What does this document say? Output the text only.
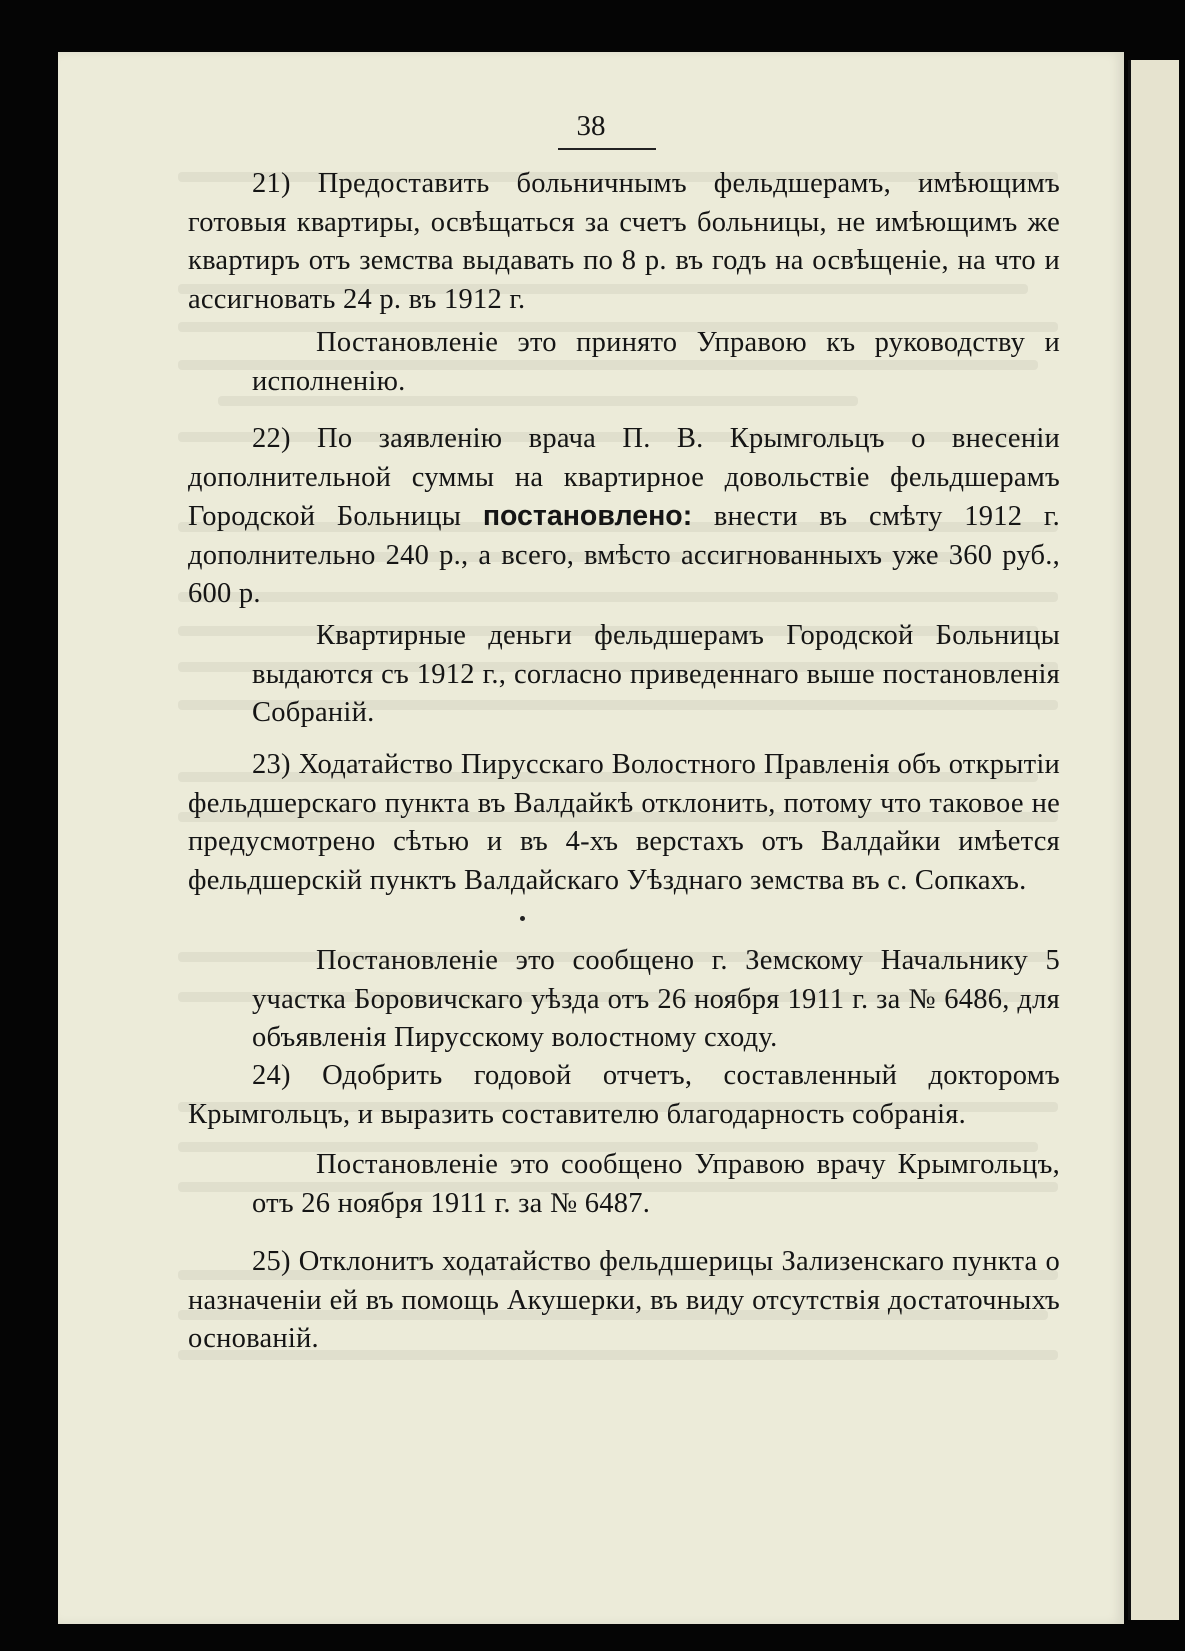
38

21) Предоставить больничнымъ фельдшерамъ, имѣющимъ готовыя квартиры, освѣщаться за счетъ больницы, не имѣющимъ же квартиръ отъ земства выдавать по 8 р. въ годъ на освѣщеніе, на что и ассигновать 24 р. въ 1912 г.

Постановленіе это принято Управою къ руководству и исполненію.

22) По заявленію врача П. В. Крымгольцъ о внесеніи дополнительной суммы на квартирное довольствіе фельдшерамъ Городской Больницы постановлено: внести въ смѣту 1912 г. дополнительно 240 р., а всего, вмѣсто ассигнованныхъ уже 360 руб., 600 р.

Квартирные деньги фельдшерамъ Городской Больницы выдаются съ 1912 г., согласно приведеннаго выше постановленія Собраній.

23) Ходатайство Пирусскаго Волостного Правленія объ открытіи фельдшерскаго пункта въ Валдайкѣ отклонить, потому что таковое не предусмотрено сѣтью и въ 4-хъ верстахъ отъ Валдайки имѣется фельдшерскій пунктъ Валдайскаго Уѣзднаго земства въ с. Сопкахъ.

Постановленіе это сообщено г. Земскому Начальнику 5 участка Боровичскаго уѣзда отъ 26 ноября 1911 г. за № 6486, для объявленія Пирусскому волостному сходу.

24) Одобрить годовой отчетъ, составленный докторомъ Крымгольцъ, и выразить составителю благодарность собранія.

Постановленіе это сообщено Управою врачу Крымгольцъ, отъ 26 ноября 1911 г. за № 6487.

25) Отклонитъ ходатайство фельдшерицы Зализенскаго пункта о назначеніи ей въ помощь Акушерки, въ виду отсутствія достаточныхъ основаній.
